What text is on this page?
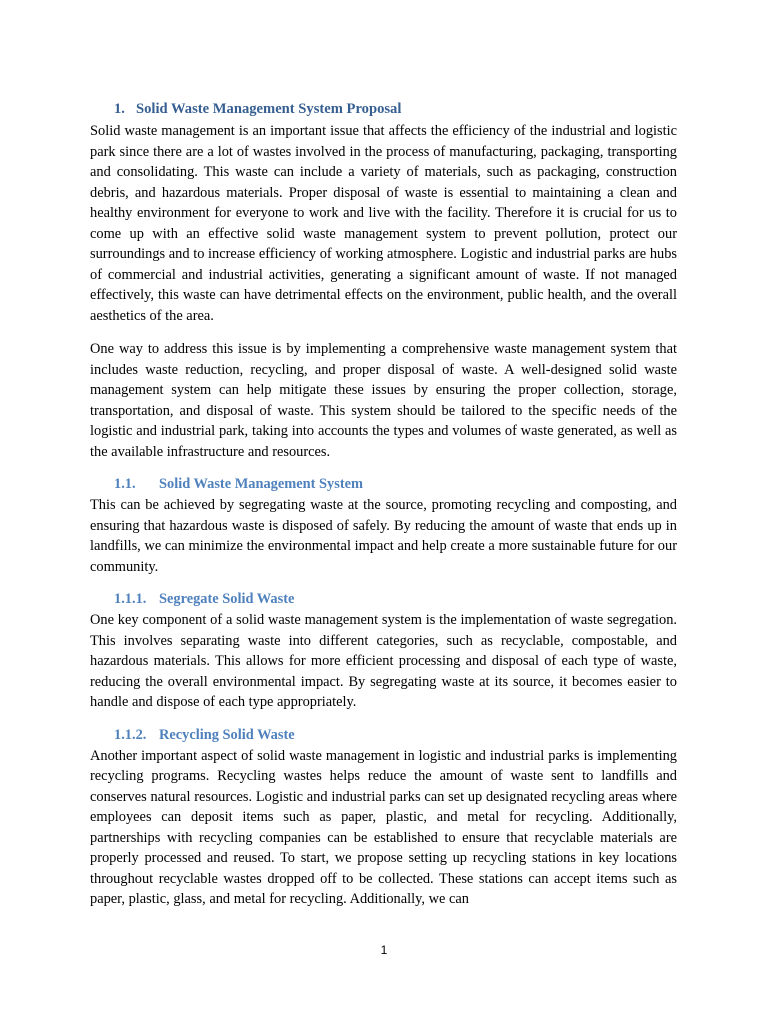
1. Solid Waste Management System Proposal

Solid waste management is an important issue that affects the efficiency of the industrial and logistic park since there are a lot of wastes involved in the process of manufacturing, packaging, transporting and consolidating. This waste can include a variety of materials, such as packaging, construction debris, and hazardous materials. Proper disposal of waste is essential to maintaining a clean and healthy environment for everyone to work and live with the facility. Therefore it is crucial for us to come up with an effective solid waste management system to prevent pollution, protect our surroundings and to increase efficiency of working atmosphere. Logistic and industrial parks are hubs of commercial and industrial activities, generating a significant amount of waste. If not managed effectively, this waste can have detrimental effects on the environment, public health, and the overall aesthetics of the area.

One way to address this issue is by implementing a comprehensive waste management system that includes waste reduction, recycling, and proper disposal of waste. A well-designed solid waste management system can help mitigate these issues by ensuring the proper collection, storage, transportation, and disposal of waste. This system should be tailored to the specific needs of the logistic and industrial park, taking into accounts the types and volumes of waste generated, as well as the available infrastructure and resources.

1.1. Solid Waste Management System

This can be achieved by segregating waste at the source, promoting recycling and composting, and ensuring that hazardous waste is disposed of safely. By reducing the amount of waste that ends up in landfills, we can minimize the environmental impact and help create a more sustainable future for our community.

1.1.1. Segregate Solid Waste

One key component of a solid waste management system is the implementation of waste segregation. This involves separating waste into different categories, such as recyclable, compostable, and hazardous materials. This allows for more efficient processing and disposal of each type of waste, reducing the overall environmental impact. By segregating waste at its source, it becomes easier to handle and dispose of each type appropriately.

1.1.2. Recycling Solid Waste

Another important aspect of solid waste management in logistic and industrial parks is implementing recycling programs. Recycling wastes helps reduce the amount of waste sent to landfills and conserves natural resources. Logistic and industrial parks can set up designated recycling areas where employees can deposit items such as paper, plastic, and metal for recycling. Additionally, partnerships with recycling companies can be established to ensure that recyclable materials are properly processed and reused. To start, we propose setting up recycling stations in key locations throughout recyclable wastes dropped off to be collected. These stations can accept items such as paper, plastic, glass, and metal for recycling. Additionally, we can

1
